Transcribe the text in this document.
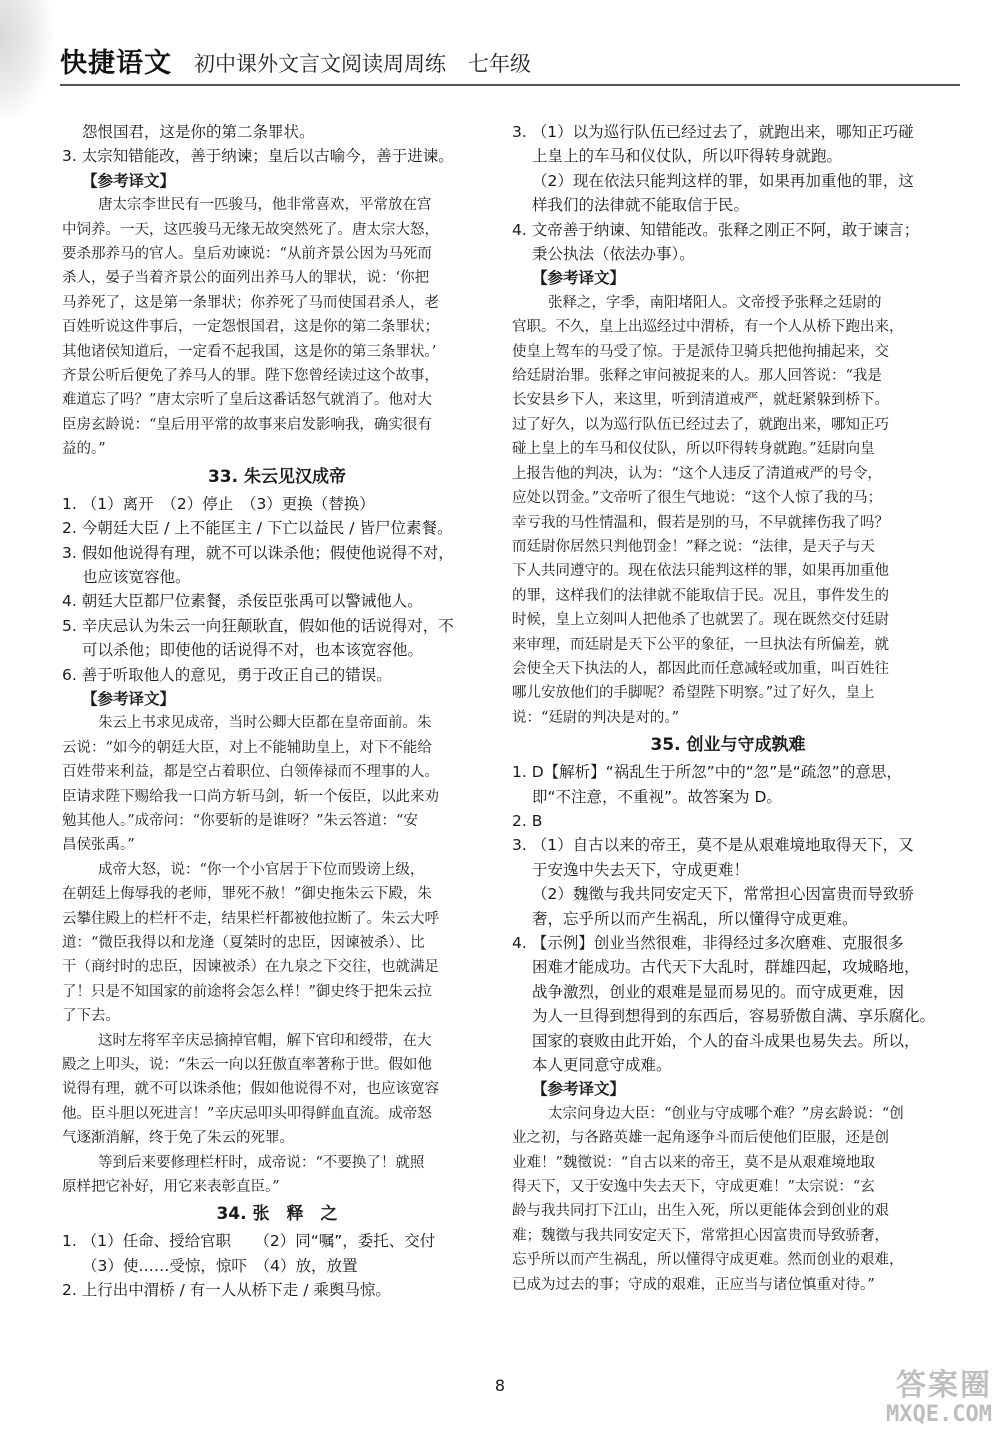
快捷语文 初中课外文言文阅读周周练 七年级
怨恨国君，这是你的第二条罪状。
3. 太宗知错能改，善于纳谏；皇后以古喻今，善于进谏。
【参考译文】
唐太宗李世民有一匹骏马，他非常喜欢，平常放在宫
中饲养。一天，这匹骏马无缘无故突然死了。唐太宗大怒，
要杀那养马的官人。皇后劝谏说：“从前齐景公因为马死而
杀人，晏子当着齐景公的面列出养马人的罪状，说：‘你把
马养死了，这是第一条罪状；你养死了马而使国君杀人，老
百姓听说这件事后，一定怨恨国君，这是你的第二条罪状；
其他诸侯知道后，一定看不起我国，这是你的第三条罪状。’
齐景公听后便免了养马人的罪。陛下您曾经读过这个故事，
难道忘了吗？”唐太宗听了皇后这番话怒气就消了。他对大
臣房玄龄说：“皇后用平常的故事来启发影响我，确实很有
益的。”
33. 朱云见汉成帝
1. （1）离开　（2）停止　（3）更换（替换）
2. 今朝廷大臣 / 上不能匡主 / 下亡以益民 / 皆尸位素餐。
3. 假如他说得有理，就不可以诛杀他；假使他说得不对，
也应该宽容他。
4. 朝廷大臣都尸位素餐，杀佞臣张禹可以警诫他人。
5. 辛庆忌认为朱云一向狂颠耿直，假如他的话说得对，不
可以杀他；即使他的话说得不对，也本该宽容他。
6. 善于听取他人的意见，勇于改正自己的错误。
【参考译文】
朱云上书求见成帝，当时公卿大臣都在皇帝面前。朱
云说：“如今的朝廷大臣，对上不能辅助皇上，对下不能给
百姓带来利益，都是空占着职位、白领俸禄而不理事的人。
臣请求陛下赐给我一口尚方斩马剑，斩一个佞臣，以此来劝
勉其他人。”成帝问：“你要斩的是谁呀？”朱云答道：“安
昌侯张禹。”
成帝大怒，说：“你一个小官居于下位而毁谤上级，
在朝廷上侮辱我的老师，罪死不赦！”御史拖朱云下殿，朱
云攀住殿上的栏杆不走，结果栏杆都被他拉断了。朱云大呼
道：“微臣我得以和龙逄（夏桀时的忠臣，因谏被杀）、比
干（商纣时的忠臣，因谏被杀）在九泉之下交往，也就满足
了！只是不知国家的前途将会怎么样！”御史终于把朱云拉
了下去。
这时左将军辛庆忌摘掉官帽，解下官印和绶带，在大
殿之上叩头，说：“朱云一向以狂傲直率著称于世。假如他
说得有理，就不可以诛杀他；假如他说得不对，也应该宽容
他。臣斗胆以死进言！”辛庆忌叩头叩得鲜血直流。成帝怒
气逐渐消解，终于免了朱云的死罪。
等到后来要修理栏杆时，成帝说：“不要换了！就照
原样把它补好，用它来表彰直臣。”
34. 张　释　之
1. （1）任命、授给官职　　（2）同“嘱”，委托、交付
（3）使……受惊，惊吓　（4）放，放置
2. 上行出中渭桥 / 有一人从桥下走 / 乘舆马惊。
3. （1）以为巡行队伍已经过去了，就跑出来，哪知正巧碰
上皇上的车马和仪仗队，所以吓得转身就跑。
（2）现在依法只能判这样的罪，如果再加重他的罪，这
样我们的法律就不能取信于民。
4. 文帝善于纳谏、知错能改。张释之刚正不阿，敢于谏言；
秉公执法（依法办事）。
【参考译文】
张释之，字季，南阳堵阳人。文帝授予张释之廷尉的
官职。不久，皇上出巡经过中渭桥，有一个人从桥下跑出来，
使皇上驾车的马受了惊。于是派侍卫骑兵把他拘捕起来，交
给廷尉治罪。张释之审问被捉来的人。那人回答说：“我是
长安县乡下人，来这里，听到清道戒严，就赶紧躲到桥下。
过了好久，以为巡行队伍已经过去了，就跑出来，哪知正巧
碰上皇上的车马和仪仗队，所以吓得转身就跑。”廷尉向皇
上报告他的判决，认为：“这个人违反了清道戒严的号令，
应处以罚金。”文帝听了很生气地说：“这个人惊了我的马；
幸亏我的马性情温和，假若是别的马，不早就摔伤我了吗？
而廷尉你居然只判他罚金！”释之说：“法律，是天子与天
下人共同遵守的。现在依法只能判这样的罪，如果再加重他
的罪，这样我们的法律就不能取信于民。况且，事件发生的
时候，皇上立刻叫人把他杀了也就罢了。现在既然交付廷尉
来审理，而廷尉是天下公平的象征，一旦执法有所偏差，就
会使全天下执法的人，都因此而任意减轻或加重，叫百姓往
哪儿安放他们的手脚呢？希望陛下明察。”过了好久，皇上
说：“廷尉的判决是对的。”
35. 创业与守成孰难
1. D【解析】“祸乱生于所忽”中的“忽”是“疏忽”的意思，
即“不注意，不重视”。故答案为 D。
2. B
3. （1）自古以来的帝王，莫不是从艰难境地取得天下，又
于安逸中失去天下，守成更难！
（2）魏徵与我共同安定天下，常常担心因富贵而导致骄
奢，忘乎所以而产生祸乱，所以懂得守成更难。
4. 【示例】创业当然很难，非得经过多次磨难、克服很多
困难才能成功。古代天下大乱时，群雄四起，攻城略地，
战争激烈，创业的艰难是显而易见的。而守成更难，因
为人一旦得到想得到的东西后，容易骄傲自满、享乐腐化。
国家的衰败由此开始，个人的奋斗成果也易失去。所以，
本人更同意守成难。
【参考译文】
太宗问身边大臣：“创业与守成哪个难？”房玄龄说：“创
业之初，与各路英雄一起角逐争斗而后使他们臣服，还是创
业难！”魏徵说：“自古以来的帝王，莫不是从艰难境地取
得天下，又于安逸中失去天下，守成更难！”太宗说：“玄
龄与我共同打下江山，出生入死，所以更能体会到创业的艰
难；魏徵与我共同安定天下，常常担心因富贵而导致骄奢，
忘乎所以而产生祸乱，所以懂得守成更难。然而创业的艰难，
已成为过去的事；守成的艰难，正应当与诸位慎重对待。”
8	答案圈
MXQE.COM
